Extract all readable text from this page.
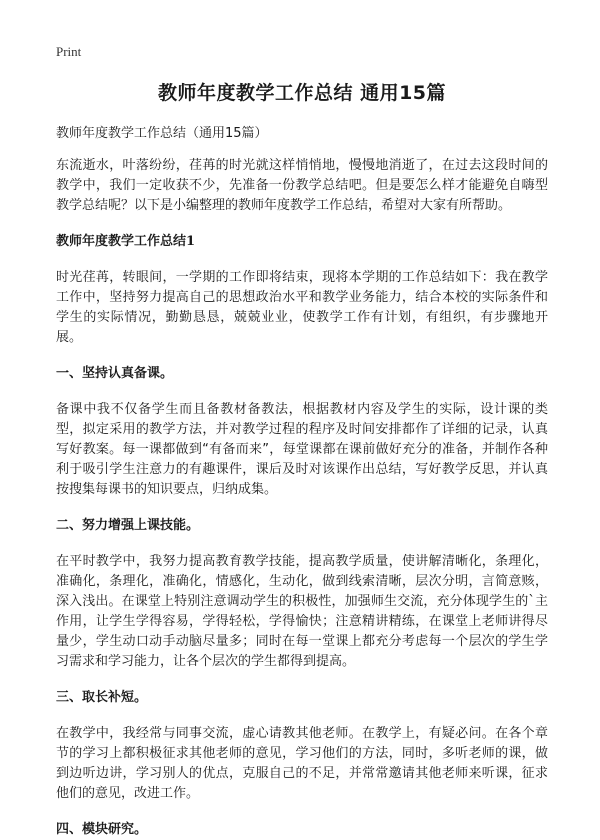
Print
教师年度教学工作总结 通用15篇
教师年度教学工作总结（通用15篇）

东流逝水，叶落纷纷，荏苒的时光就这样悄悄地，慢慢地消逝了，在过去这段时间的教学中，我们一定收获不少，先准备一份教学总结吧。但是要怎么样才能避免自嗨型教学总结呢？以下是小编整理的教师年度教学工作总结，希望对大家有所帮助。

教师年度教学工作总结1

时光荏苒，转眼间，一学期的工作即将结束，现将本学期的工作总结如下：我在教学工作中，坚持努力提高自己的思想政治水平和教学业务能力，结合本校的实际条件和学生的实际情况，勤勤恳恳，兢兢业业，使教学工作有计划，有组织，有步骤地开展。

一、坚持认真备课。

备课中我不仅备学生而且备教材备教法，根据教材内容及学生的实际，设计课的类型，拟定采用的教学方法，并对教学过程的程序及时间安排都作了详细的记录，认真写好教案。每一课都做到“有备而来”，每堂课都在课前做好充分的准备，并制作各种利于吸引学生注意力的有趣课件，课后及时对该课作出总结，写好教学反思，并认真按搜集每课书的知识要点，归纳成集。

二、努力增强上课技能。

在平时教学中，我努力提高教育教学技能，提高教学质量，使讲解清晰化，条理化，准确化，条理化，准确化，情感化，生动化，做到线索清晰，层次分明，言简意赅，深入浅出。在课堂上特别注意调动学生的积极性，加强师生交流，充分体现学生的`主作用，让学生学得容易，学得轻松，学得愉快；注意精讲精练，在课堂上老师讲得尽量少，学生动口动手动脑尽量多；同时在每一堂课上都充分考虑每一个层次的学生学习需求和学习能力，让各个层次的学生都得到提高。

三、取长补短。

在教学中，我经常与同事交流，虚心请教其他老师。在教学上，有疑必问。在各个章节的学习上都积极征求其他老师的意见，学习他们的方法，同时，多听老师的课，做到边听边讲，学习别人的优点，克服自己的不足，并常常邀请其他老师来听课，征求他们的意见，改进工作。

四、模块研究。
